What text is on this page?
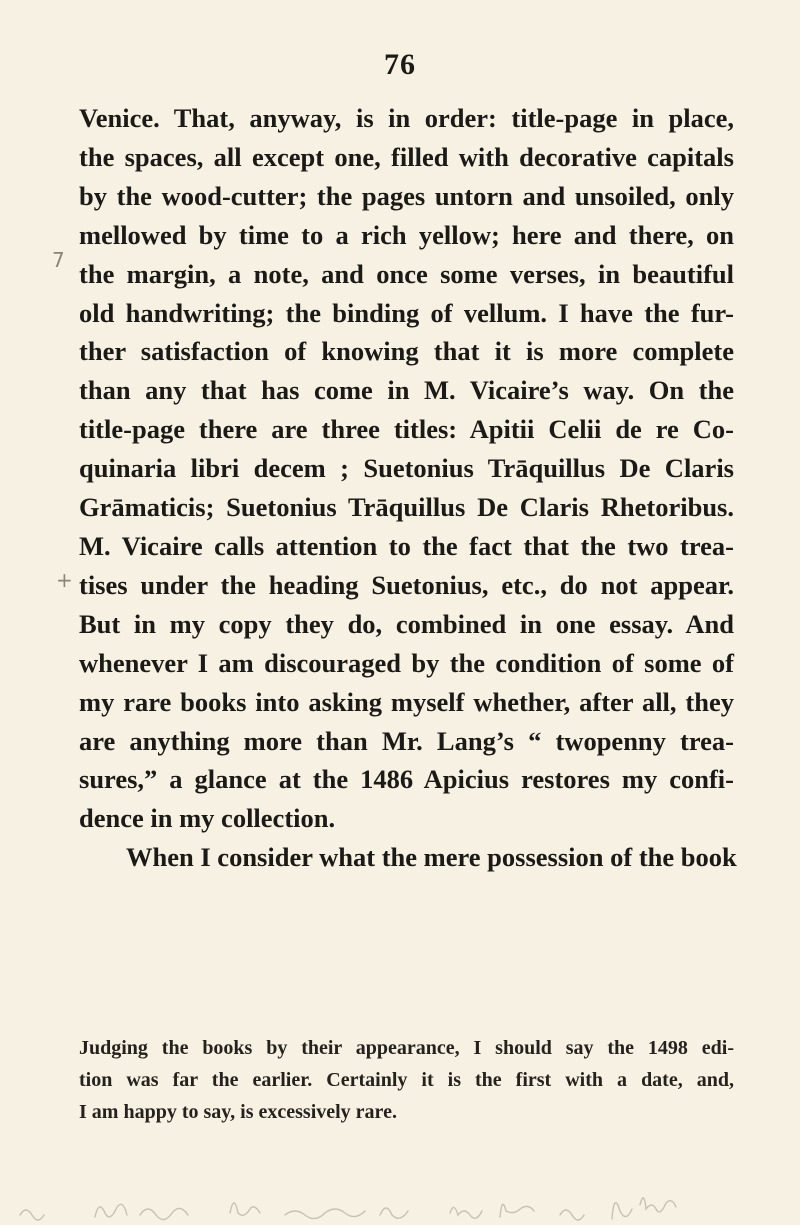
76
7
+
Venice. That, anyway, is in order: title-page in place,
the spaces, all except one, filled with decorative capitals
by the wood-cutter; the pages untorn and unsoiled, only
mellowed by time to a rich yellow; here and there, on
the margin, a note, and once some verses, in beautiful
old handwriting; the binding of vellum. I have the fur-
ther satisfaction of knowing that it is more complete
than any that has come in M. Vicaire’s way. On the
title-page there are three titles: Apitii Celii de re Co-
quinaria libri decem ; Suetonius Trāquillus De Claris
Grāmaticis; Suetonius Trāquillus De Claris Rhetoribus.
M. Vicaire calls attention to the fact that the two trea-
tises under the heading Suetonius, etc., do not appear.
But in my copy they do, combined in one essay. And
whenever I am discouraged by the condition of some of
my rare books into asking myself whether, after all, they
are anything more than Mr. Lang’s “ twopenny trea-
sures,” a glance at the 1486 Apicius restores my confi-
dence in my collection.
When I consider what the mere possession of the book
Judging the books by their appearance, I should say the 1498 edi-
tion was far the earlier. Certainly it is the first with a date, and,
I am happy to say, is excessively rare.
